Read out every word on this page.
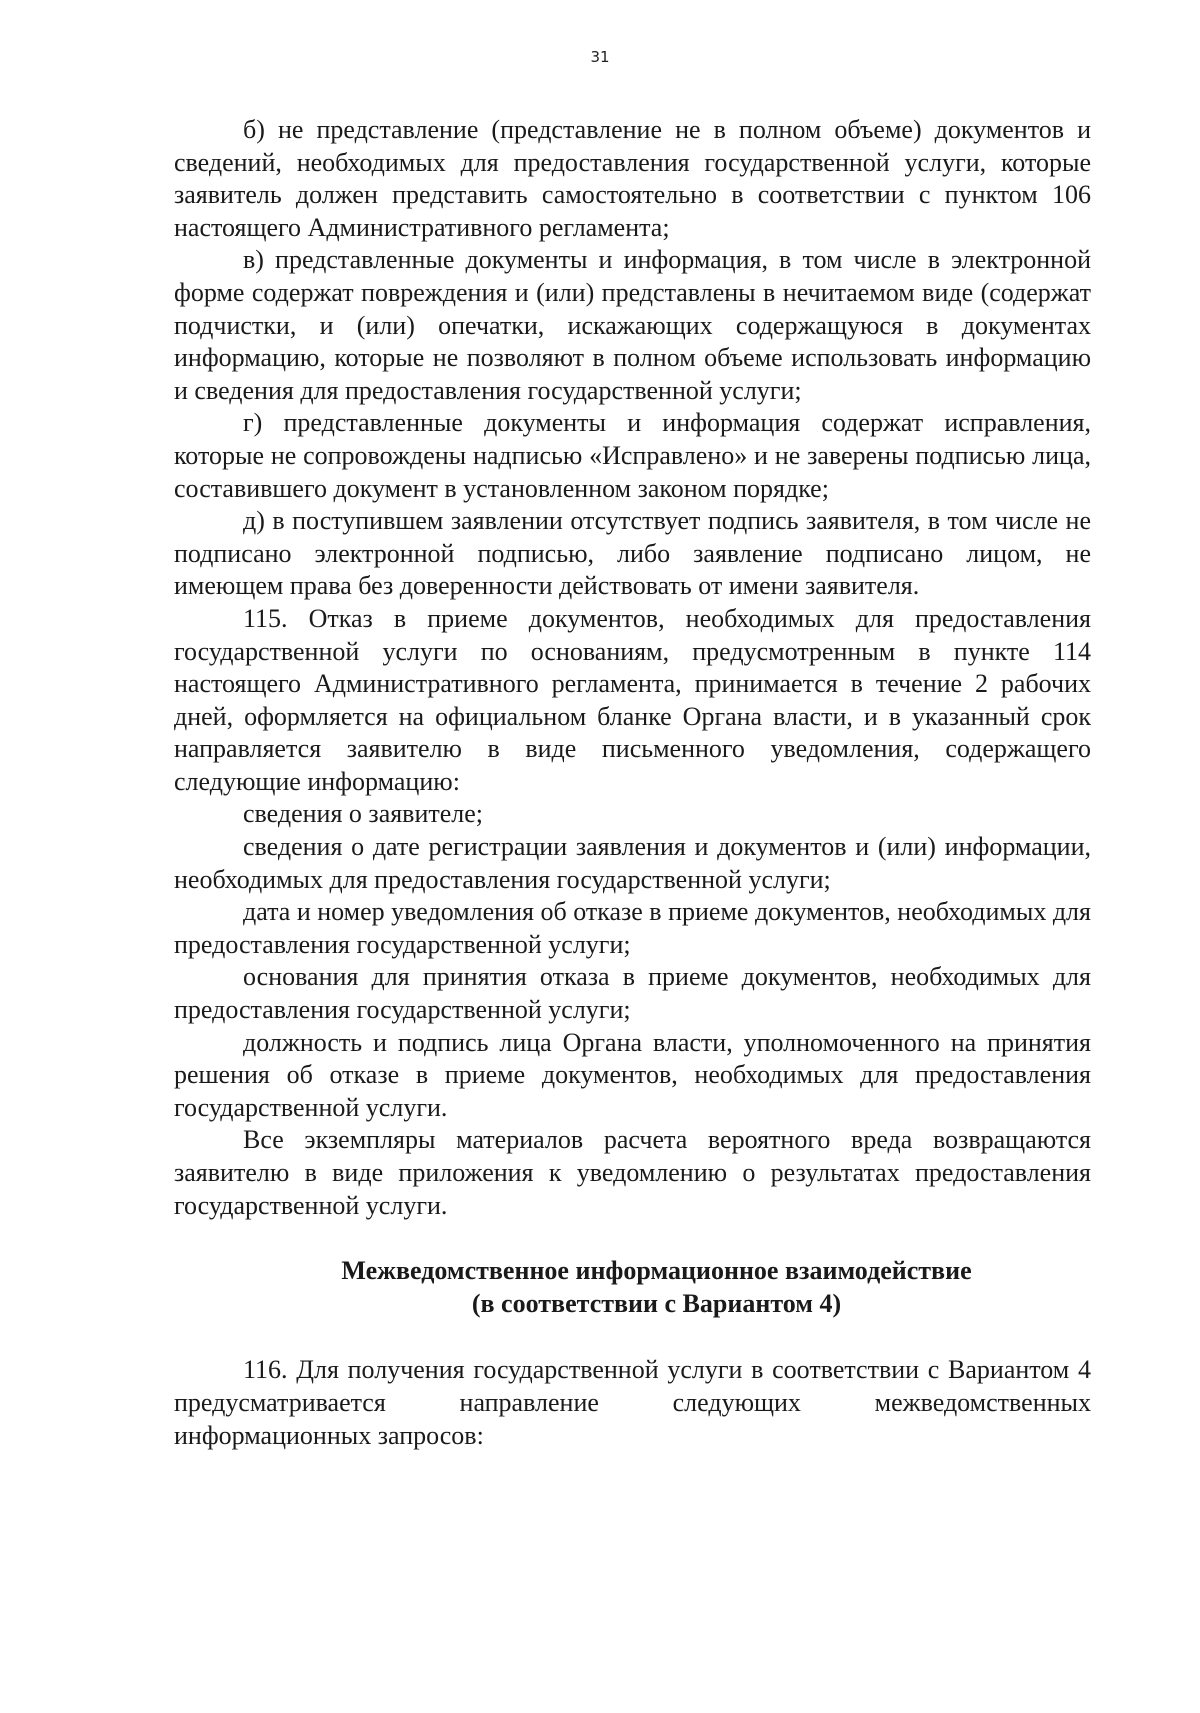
31

б) не представление (представление не в полном объеме) документов и сведений, необходимых для предоставления государственной услуги, которые заявитель должен представить самостоятельно в соответствии с пунктом 106 настоящего Административного регламента;

в) представленные документы и информация, в том числе в электронной форме содержат повреждения и (или) представлены в нечитаемом виде (содержат подчистки, и (или) опечатки, искажающих содержащуюся в документах информацию, которые не позволяют в полном объеме использовать информацию и сведения для предоставления государственной услуги;

г) представленные документы и информация содержат исправления, которые не сопровождены надписью «Исправлено» и не заверены подписью лица, составившего документ в установленном законом порядке;

д) в поступившем заявлении отсутствует подпись заявителя, в том числе не подписано электронной подписью, либо заявление подписано лицом, не имеющем права без доверенности действовать от имени заявителя.

115. Отказ в приеме документов, необходимых для предоставления государственной услуги по основаниям, предусмотренным в пункте 114 настоящего Административного регламента, принимается в течение 2 рабочих дней, оформляется на официальном бланке Органа власти, и в указанный срок направляется заявителю в виде письменного уведомления, содержащего следующие информацию:

сведения о заявителе;

сведения о дате регистрации заявления и документов и (или) информации, необходимых для предоставления государственной услуги;

дата и номер уведомления об отказе в приеме документов, необходимых для предоставления государственной услуги;

основания для принятия отказа в приеме документов, необходимых для предоставления государственной услуги;

должность и подпись лица Органа власти, уполномоченного на принятия решения об отказе в приеме документов, необходимых для предоставления государственной услуги.

Все экземпляры материалов расчета вероятного вреда возвращаются заявителю в виде приложения к уведомлению о результатах предоставления государственной услуги.

Межведомственное информационное взаимодействие

(в соответствии с Вариантом 4)

116. Для получения государственной услуги в соответствии с Вариантом 4 предусматривается направление следующих межведомственных информационных запросов:
